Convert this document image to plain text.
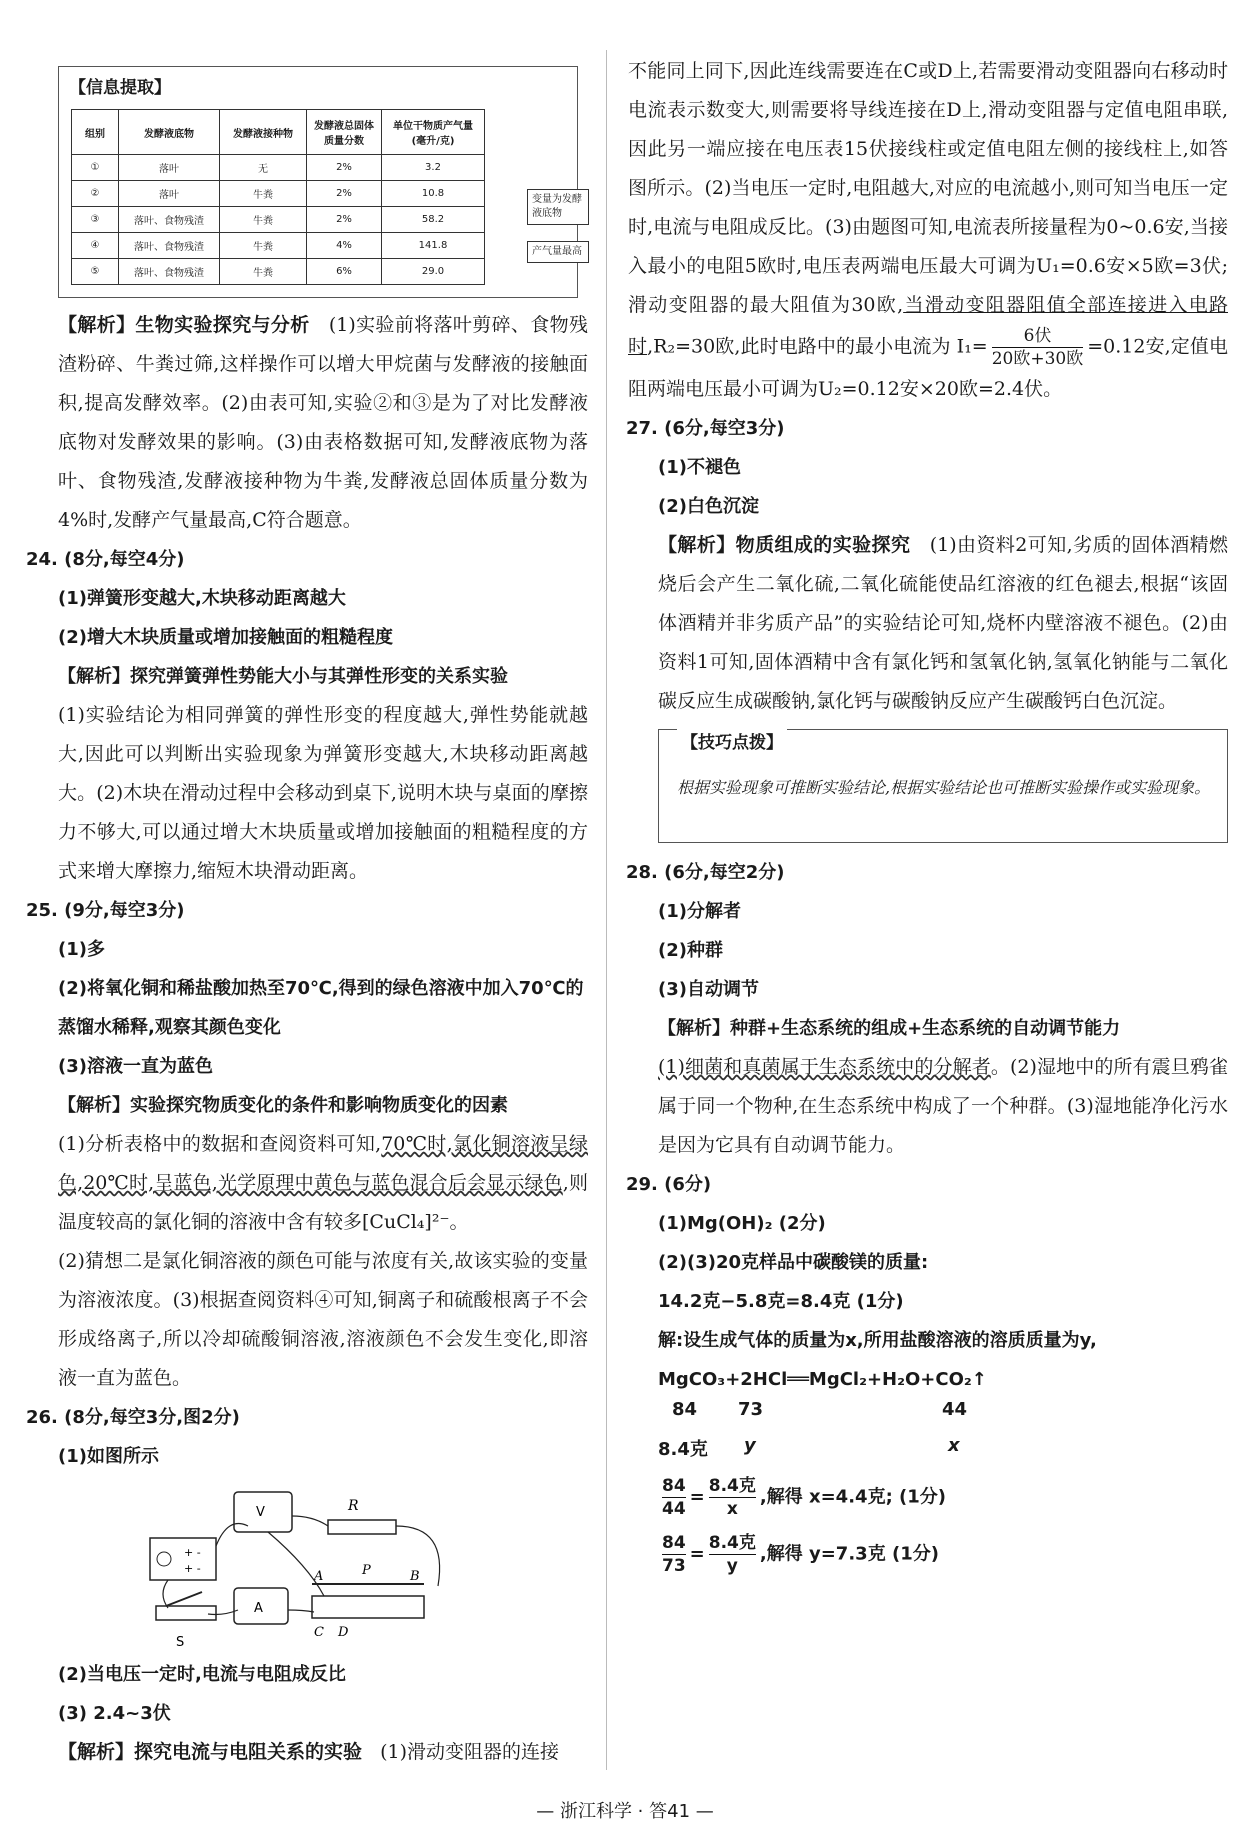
【信息提取】
组别	发酵液底物	发酵液接种物	发酵液总固体质量分数	单位干物质产气量(毫升/克)
①	落叶	无	2%	3.2
②	落叶	牛粪	2%	10.8
③	落叶、食物残渣	牛粪	2%	58.2
④	落叶、食物残渣	牛粪	4%	141.8
⑤	落叶、食物残渣	牛粪	6%	29.0
变量为发酵液底物
产气量最高

【解析】生物实验探究与分析 (1)实验前将落叶剪碎、食物残渣粉碎、牛粪过筛,这样操作可以增大甲烷菌与发酵液的接触面积,提高发酵效率。(2)由表可知,实验②和③是为了对比发酵液底物对发酵效果的影响。(3)由表格数据可知,发酵液底物为落叶、食物残渣,发酵液接种物为牛粪,发酵液总固体质量分数为4%时,发酵产气量最高,C符合题意。

24. (8分,每空4分)
(1)弹簧形变越大,木块移动距离越大
(2)增大木块质量或增加接触面的粗糙程度
【解析】探究弹簧弹性势能大小与其弹性形变的关系实验

(1)实验结论为相同弹簧的弹性形变的程度越大,弹性势能就越大,因此可以判断出实验现象为弹簧形变越大,木块移动距离越大。(2)木块在滑动过程中会移动到桌下,说明木块与桌面的摩擦力不够大,可以通过增大木块质量或增加接触面的粗糙程度的方式来增大摩擦力,缩短木块滑动距离。

25. (9分,每空3分)
(1)多
(2)将氧化铜和稀盐酸加热至70℃,得到的绿色溶液中加入70℃的蒸馏水稀释,观察其颜色变化
(3)溶液一直为蓝色
【解析】实验探究物质变化的条件和影响物质变化的因素

(1)分析表格中的数据和查阅资料可知,70℃时,氯化铜溶液呈绿色,20℃时,呈蓝色,光学原理中黄色与蓝色混合后会显示绿色,则温度较高的氯化铜的溶液中含有较多[CuCl₄]²⁻。

(2)猜想二是氯化铜溶液的颜色可能与浓度有关,故该实验的变量为溶液浓度。(3)根据查阅资料④可知,铜离子和硫酸根离子不会形成络离子,所以冷却硫酸铜溶液,溶液颜色不会发生变化,即溶液一直为蓝色。

26. (8分,每空3分,图2分)
(1)如图所示
+ -
+ -
V	R
S
A
A	P	B
C D
(2)当电压一定时,电流与电阻成反比
(3) 2.4~3伏

【解析】探究电流与电阻关系的实验 (1)滑动变阻器的连接

不能同上同下,因此连线需要连在C或D上,若需要滑动变阻器向右移动时电流表示数变大,则需要将导线连接在D上,滑动变阻器与定值电阻串联,因此另一端应接在电压表15伏接线柱或定值电阻左侧的接线柱上,如答图所示。(2)当电压一定时,电阻越大,对应的电流越小,则可知当电压一定时,电流与电阻成反比。(3)由题图可知,电流表所接量程为0~0.6安,当接入最小的电阻5欧时,电压表两端电压最大可调为U₁=0.6安×5欧=3伏;滑动变阻器的最大阻值为30欧,当滑动变阻器阻值全部连接进入电路时,R₂=30欧,此时电路中的最小电流为 $I_1= \frac{\text{6伏}}{\text{20欧+30欧}} =0.12$安,定值电阻两端电压最小可调为U₂=0.12安×20欧=2.4伏。

27. (6分,每空3分)
(1)不褪色
(2)白色沉淀

【解析】物质组成的实验探究 (1)由资料2可知,劣质的固体酒精燃烧后会产生二氧化硫,二氧化硫能使品红溶液的红色褪去,根据“该固体酒精并非劣质产品”的实验结论可知,烧杯内壁溶液不褪色。(2)由资料1可知,固体酒精中含有氯化钙和氢氧化钠,氢氧化钠能与二氧化碳反应生成碳酸钠,氯化钙与碳酸钠反应产生碳酸钙白色沉淀。

【技巧点拨】
根据实验现象可推断实验结论,根据实验结论也可推断实验操作或实验现象。
28. (6分,每空2分)
(1)分解者
(2)种群
(3)自动调节
【解析】种群+生态系统的组成+生态系统的自动调节能力

(1)细菌和真菌属于生态系统中的分解者。(2)湿地中的所有震旦鸦雀属于同一个物种,在生态系统中构成了一个种群。(3)湿地能净化污水是因为它具有自动调节能力。

29. (6分)
(1)Mg(OH)₂ (2分)
(2)(3)20克样品中碳酸镁的质量:
14.2克−5.8克=8.4克 (1分)
解:设生成气体的质量为x,所用盐酸溶液的溶质质量为y,
MgCO₃+2HCl══MgCl₂+H₂O+CO₂↑
84 73	44
8.4克 y	x
$\frac{84}{44} = \frac{\text{8.4克}}{x}$ ,解得 x=4.4克; (1分)
$\frac{84}{73} = \frac{\text{8.4克}}{y}$ ,解得 y=7.3克 (1分)
— 浙江科学 · 答41 —
